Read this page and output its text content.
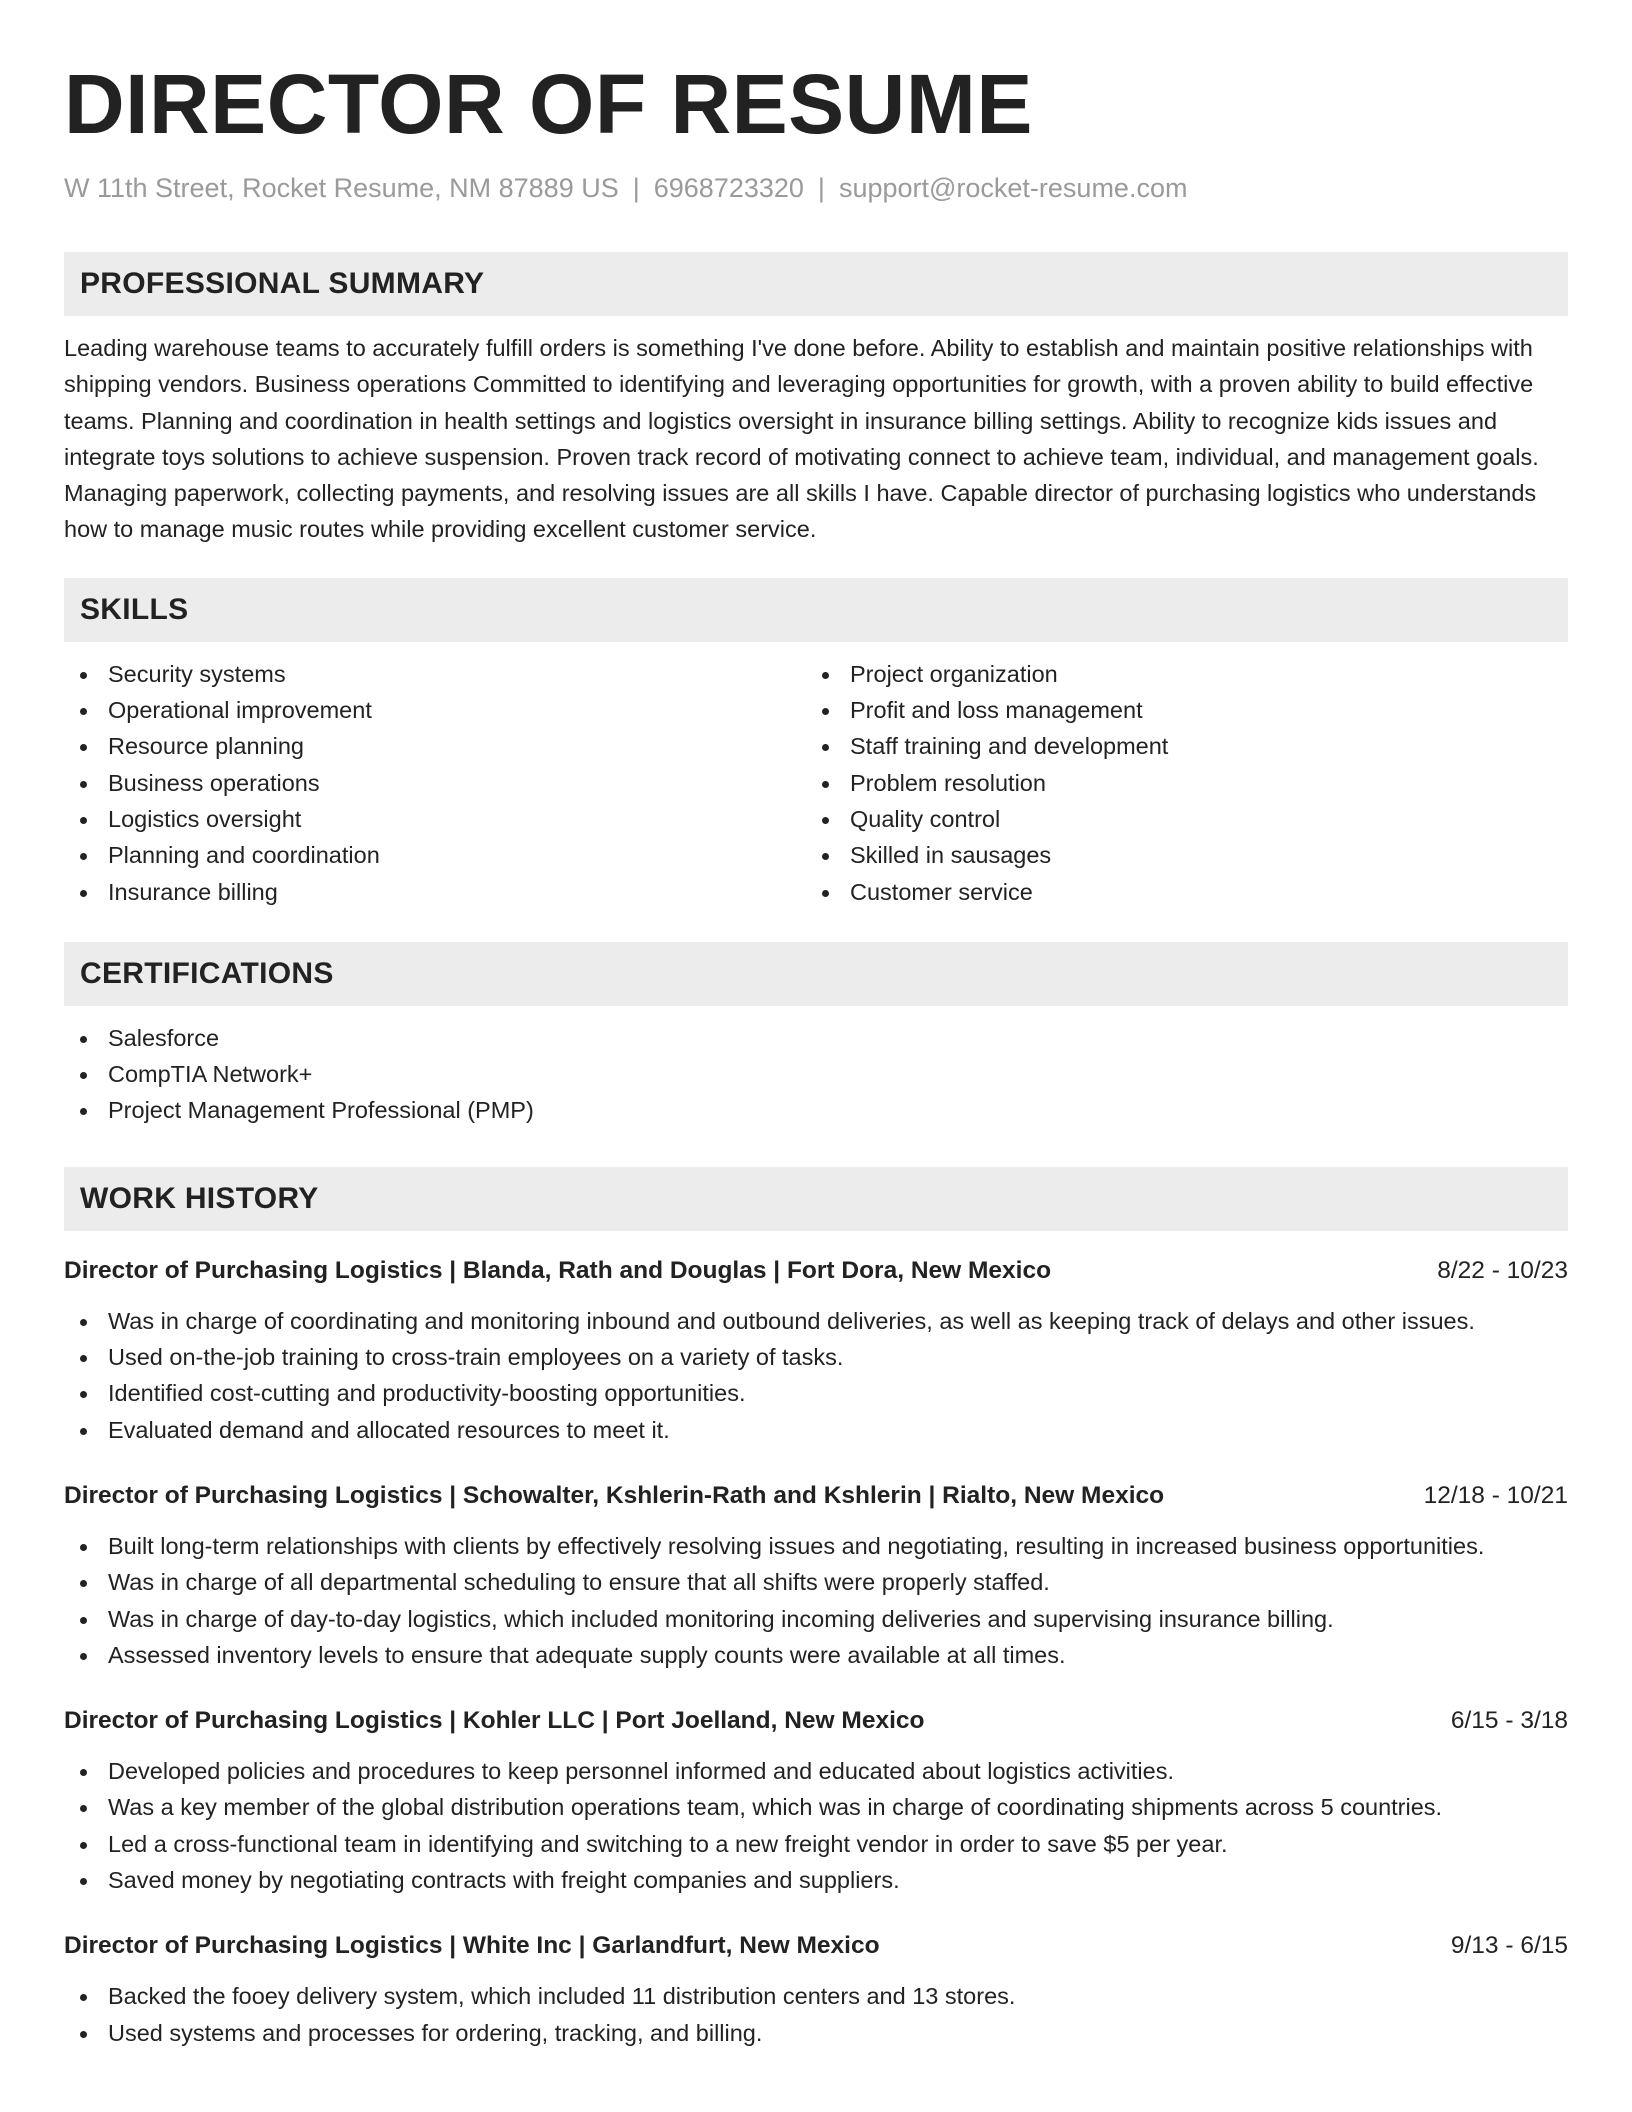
DIRECTOR OF RESUME
W 11th Street, Rocket Resume, NM 87889 US | 6968723320 | support@rocket-resume.com
PROFESSIONAL SUMMARY

Leading warehouse teams to accurately fulfill orders is something I've done before. Ability to establish and maintain positive relationships with shipping vendors. Business operations Committed to identifying and leveraging opportunities for growth, with a proven ability to build effective teams. Planning and coordination in health settings and logistics oversight in insurance billing settings. Ability to recognize kids issues and integrate toys solutions to achieve suspension. Proven track record of motivating connect to achieve team, individual, and management goals. Managing paperwork, collecting payments, and resolving issues are all skills I have. Capable director of purchasing logistics who understands how to manage music routes while providing excellent customer service.

SKILLS
Security systems
Operational improvement
Resource planning
Business operations
Logistics oversight
Planning and coordination
Insurance billing
Project organization
Profit and loss management
Staff training and development
Problem resolution
Quality control
Skilled in sausages
Customer service
CERTIFICATIONS
Salesforce
CompTIA Network+
Project Management Professional (PMP)
WORK HISTORY
Director of Purchasing Logistics | Blanda, Rath and Douglas | Fort Dora, New Mexico	8/22 - 10/23
Was in charge of coordinating and monitoring inbound and outbound deliveries, as well as keeping track of delays and other issues.
Used on-the-job training to cross-train employees on a variety of tasks.
Identified cost-cutting and productivity-boosting opportunities.
Evaluated demand and allocated resources to meet it.
Director of Purchasing Logistics | Schowalter, Kshlerin-Rath and Kshlerin | Rialto, New Mexico	12/18 - 10/21
Built long-term relationships with clients by effectively resolving issues and negotiating, resulting in increased business opportunities.
Was in charge of all departmental scheduling to ensure that all shifts were properly staffed.
Was in charge of day-to-day logistics, which included monitoring incoming deliveries and supervising insurance billing.
Assessed inventory levels to ensure that adequate supply counts were available at all times.
Director of Purchasing Logistics | Kohler LLC | Port Joelland, New Mexico	6/15 - 3/18
Developed policies and procedures to keep personnel informed and educated about logistics activities.
Was a key member of the global distribution operations team, which was in charge of coordinating shipments across 5 countries.
Led a cross-functional team in identifying and switching to a new freight vendor in order to save $5 per year.
Saved money by negotiating contracts with freight companies and suppliers.
Director of Purchasing Logistics | White Inc | Garlandfurt, New Mexico	9/13 - 6/15
Backed the fooey delivery system, which included 11 distribution centers and 13 stores.
Used systems and processes for ordering, tracking, and billing.
